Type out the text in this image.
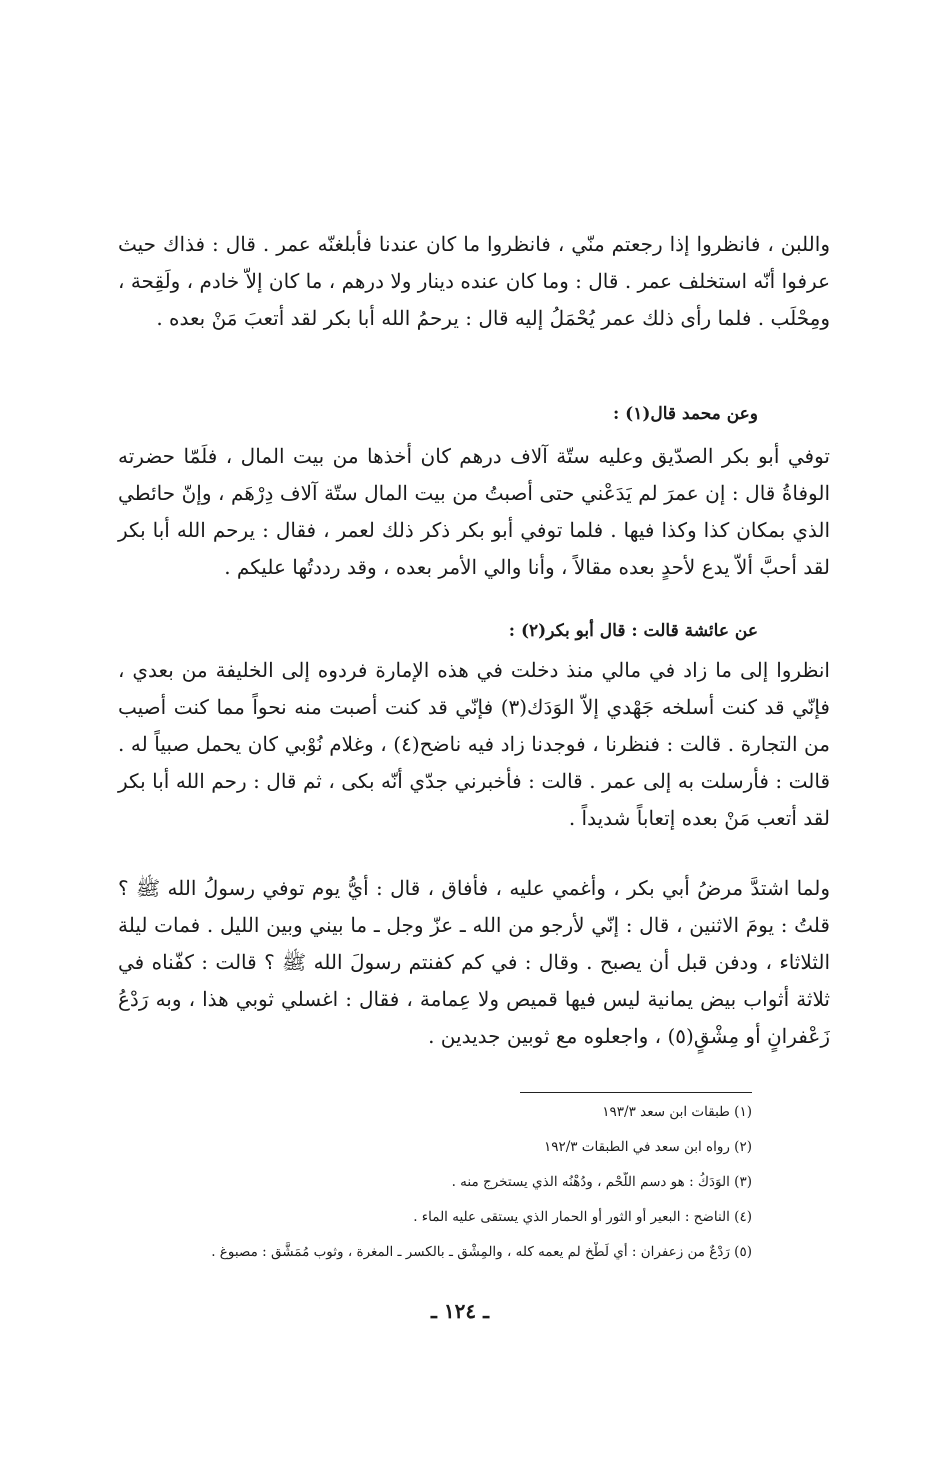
واللبن ، فانظروا إذا رجعتم منّي ، فانظروا ما كان عندنا فأبلغنّه عمر . قال : فذاك حيث عرفوا أنّه استخلف عمر . قال : وما كان عنده دينار ولا درهم ، ما كان إلاّ خادم ، ولَقِحة ، ومِحْلَب . فلما رأى ذلك عمر يُحْمَلُ إليه قال : يرحمُ الله أبا بكر لقد أتعبَ مَنْ بعده .

وعن محمد قال(١) :

توفي أبو بكر الصدّيق وعليه ستّة آلاف درهم كان أخذها من بيت المال ، فلَمّا حضرته الوفاةُ قال : إن عمرَ لم يَدَعْني حتى أصبتُ من بيت المال ستّة آلاف دِرْهَم ، وإنّ حائطي الذي بمكان كذا وكذا فيها . فلما توفي أبو بكر ذكر ذلك لعمر ، فقال : يرحم الله أبا بكر لقد أحبَّ ألاّ يدع لأحدٍ بعده مقالاً ، وأنا والي الأمر بعده ، وقد رددتُها عليكم .

عن عائشة قالت : قال أبو بكر(٢) :

انظروا إلى ما زاد في مالي منذ دخلت في هذه الإمارة فردوه إلى الخليفة من بعدي ، فإنّي قد كنت أسلخه جَهْدي إلاّ الوَدَك(٣) فإنّي قد كنت أصبت منه نحواً مما كنت أصيب من التجارة . قالت : فنظرنا ، فوجدنا زاد فيه ناضح(٤) ، وغلام نُوْبي كان يحمل صبياً له . قالت : فأرسلت به إلى عمر . قالت : فأخبرني جدّي أنّه بكى ، ثم قال : رحم الله أبا بكر لقد أتعب مَنْ بعده إتعاباً شديداً .

ولما اشتدَّ مرضُ أبي بكر ، وأغمي عليه ، فأفاق ، قال : أيُّ يوم توفي رسولُ الله ﷺ ؟ قلتُ : يومَ الاثنين ، قال : إنّي لأرجو من الله ـ عزّ وجل ـ ما بيني وبين الليل . فمات ليلة الثلاثاء ، ودفن قبل أن يصبح . وقال : في كم كفنتم رسولَ الله ﷺ ؟ قالت : كفّناه في ثلاثة أثواب بيض يمانية ليس فيها قميص ولا عِمامة ، فقال : اغسلي ثوبي هذا ، وبه رَدْعُ زَعْفرانٍ أو مِشْقٍ(٥) ، واجعلوه مع ثوبين جديدين .

(١) طبقات ابن سعد ١٩٣/٣
(٢) رواه ابن سعد في الطبقات ١٩٢/٣
(٣) الوَدَكُ : هو دسم اللَّحْم ، ودُهْنُه الذي يستخرج منه .
(٤) الناضح : البعير أو الثور أو الحمار الذي يستقى عليه الماء .
(٥) رَدْعٌ من زعفران : أي لَطْخ لم يعمه كله ، والمِشْق ـ بالكسر ـ المغرة ، وثوب مُمَشَّق : مصبوغ .
ـ ١٢٤ ـ
